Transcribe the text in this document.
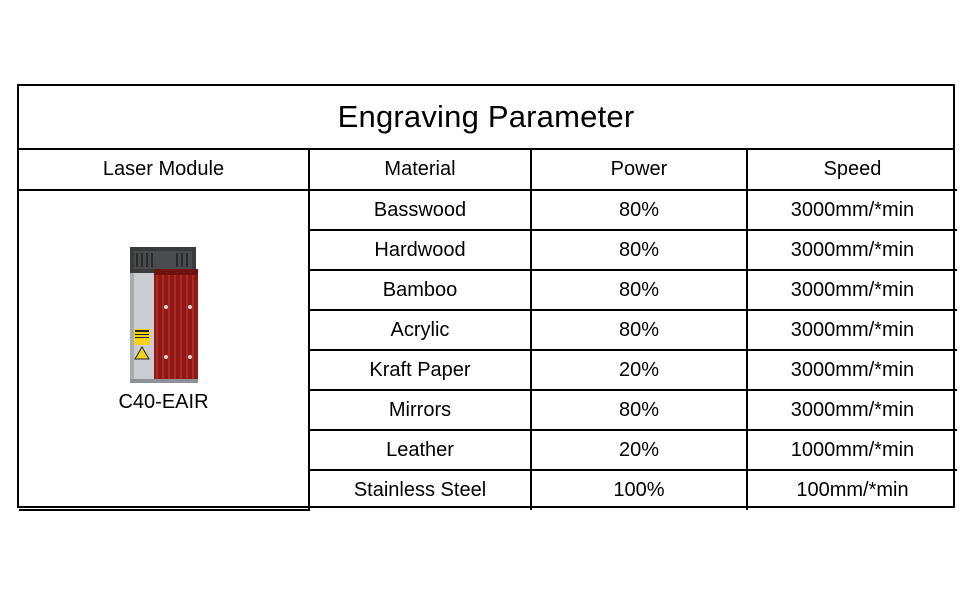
Engraving Parameter
Laser Module	Material	Power	Speed

C40-EAIR	Basswood	80%	3000mm/*min
	Hardwood	80%	3000mm/*min
	Bamboo	80%	3000mm/*min
	Acrylic	80%	3000mm/*min
	Kraft Paper	20%	3000mm/*min
	Mirrors	80%	3000mm/*min
	Leather	20%	1000mm/*min
	Stainless Steel	100%	100mm/*min
